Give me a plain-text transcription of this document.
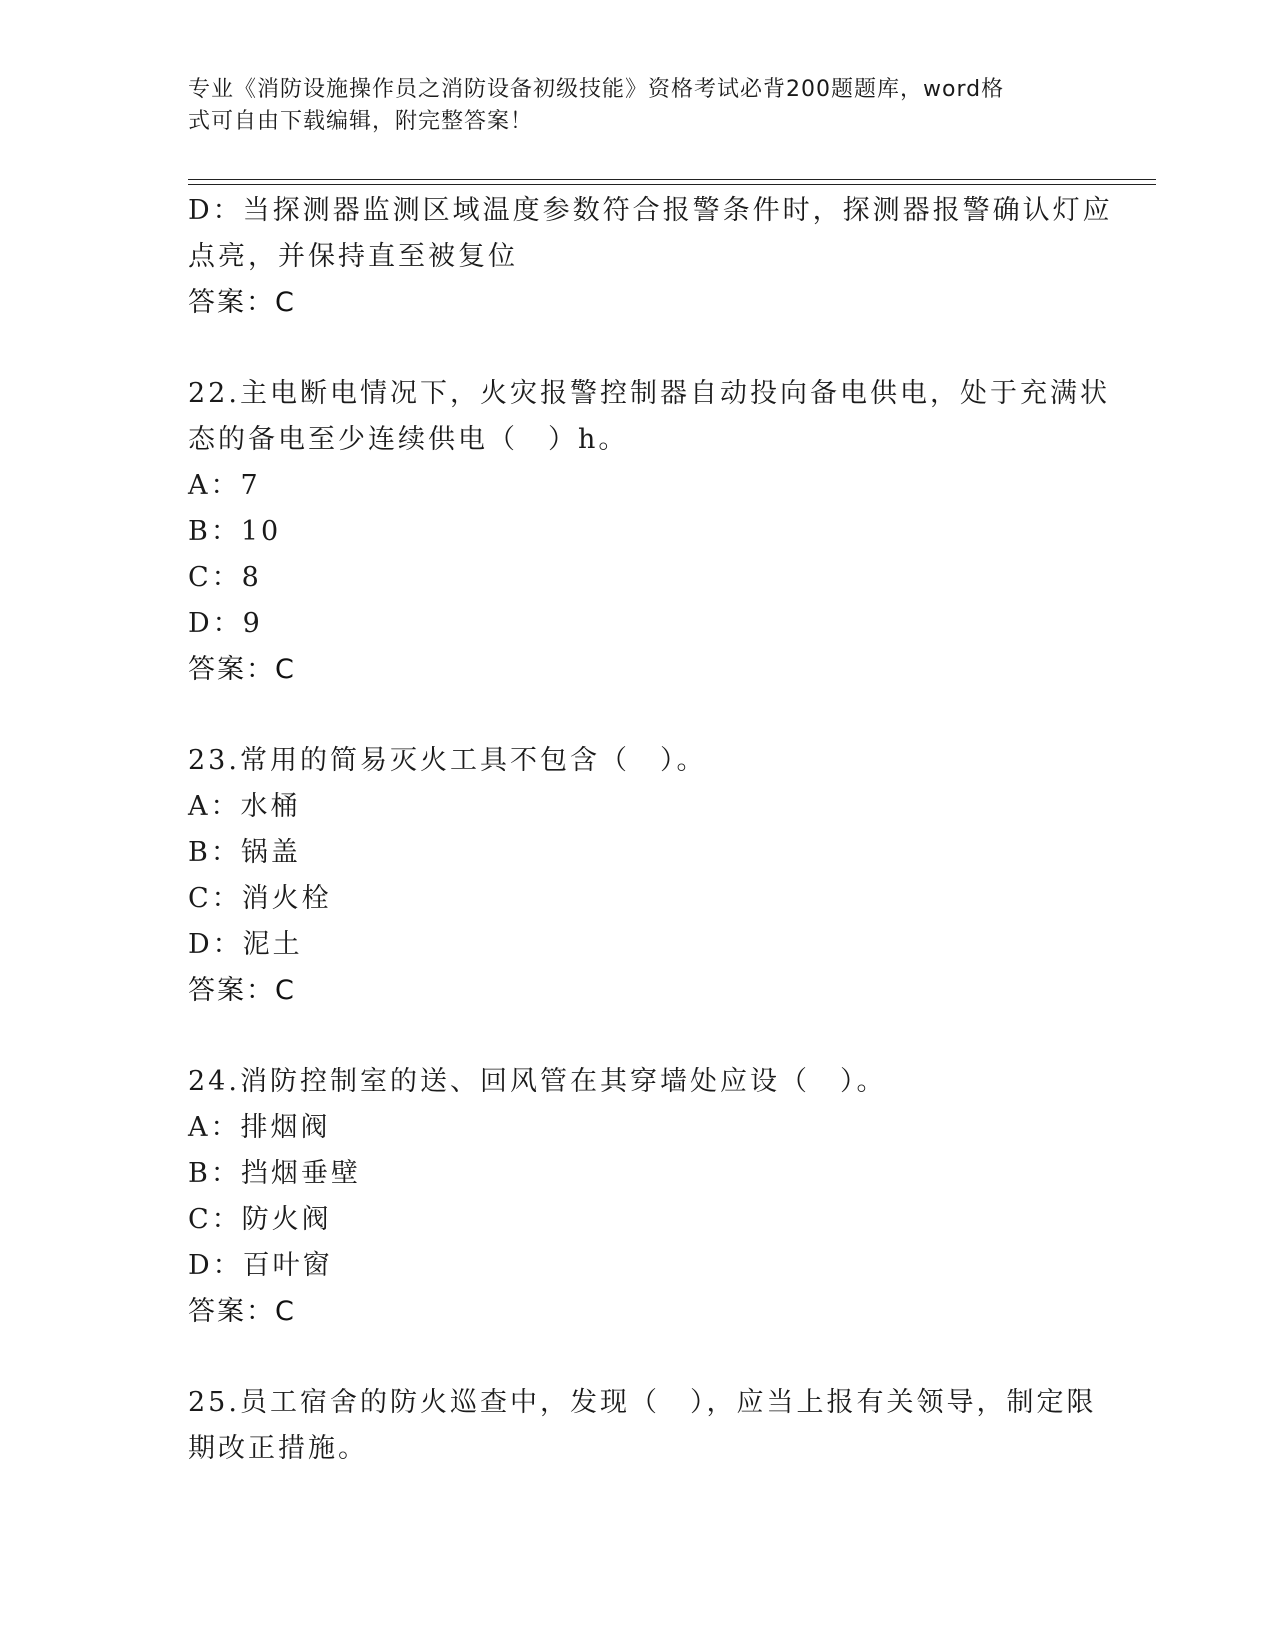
专业《消防设施操作员之消防设备初级技能》资格考试必背200题题库，word格
式可自由下载编辑，附完整答案！
D：当探测器监测区域温度参数符合报警条件时，探测器报警确认灯应
点亮，并保持直至被复位
答案：C
22.主电断电情况下，火灾报警控制器自动投向备电供电，处于充满状
态的备电至少连续供电（　）h。
A：7
B：10
C：8
D：9
答案：C
23.常用的简易灭火工具不包含（　）。
A：水桶
B：锅盖
C：消火栓
D：泥土
答案：C
24.消防控制室的送、回风管在其穿墙处应设（　）。
A：排烟阀
B：挡烟垂壁
C：防火阀
D：百叶窗
答案：C
25.员工宿舍的防火巡查中，发现（　），应当上报有关领导，制定限
期改正措施。
